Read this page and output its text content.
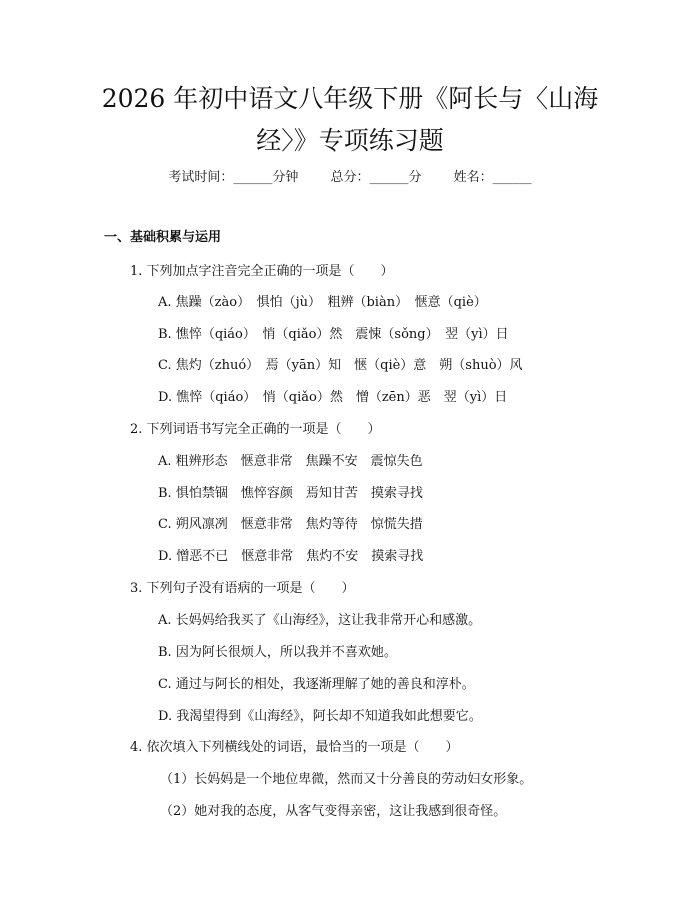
2026 年初中语文八年级下册《阿长与〈山海
经〉》专项练习题
考试时间：______分钟 总分：______分 姓名：______
一、基础积累与运用
1. 下列加点字注音完全正确的一项是（　　）
A. 焦躁（zào）　惧怕（jù）　粗辨（biàn）　惬意（qiè）
B. 憔悴（qiáo）　悄（qiǎo）然　震悚（sǒng）　翌（yì）日
C. 焦灼（zhuó）　焉（yān）知　惬（qiè）意　朔（shuò）风
D. 憔悴（qiáo）　悄（qiǎo）然　憎（zēn）恶　翌（yì）日
2. 下列词语书写完全正确的一项是（　　）
A. 粗辨形态　惬意非常　焦躁不安　震惊失色
B. 惧怕禁锢　憔悴容颜　焉知甘苦　摸索寻找
C. 朔风凛冽　惬意非常　焦灼等待　惊慌失措
D. 憎恶不已　惬意非常　焦灼不安　摸索寻找
3. 下列句子没有语病的一项是（　　）
A. 长妈妈给我买了《山海经》，这让我非常开心和感激。
B. 因为阿长很烦人，所以我并不喜欢她。
C. 通过与阿长的相处，我逐渐理解了她的善良和淳朴。
D. 我渴望得到《山海经》，阿长却不知道我如此想要它。
4. 依次填入下列横线处的词语，最恰当的一项是（　　）
（1）长妈妈是一个地位卑微，然而又十分善良的劳动妇女形象。
（2）她对我的态度，从客气变得亲密，这让我感到很奇怪。
